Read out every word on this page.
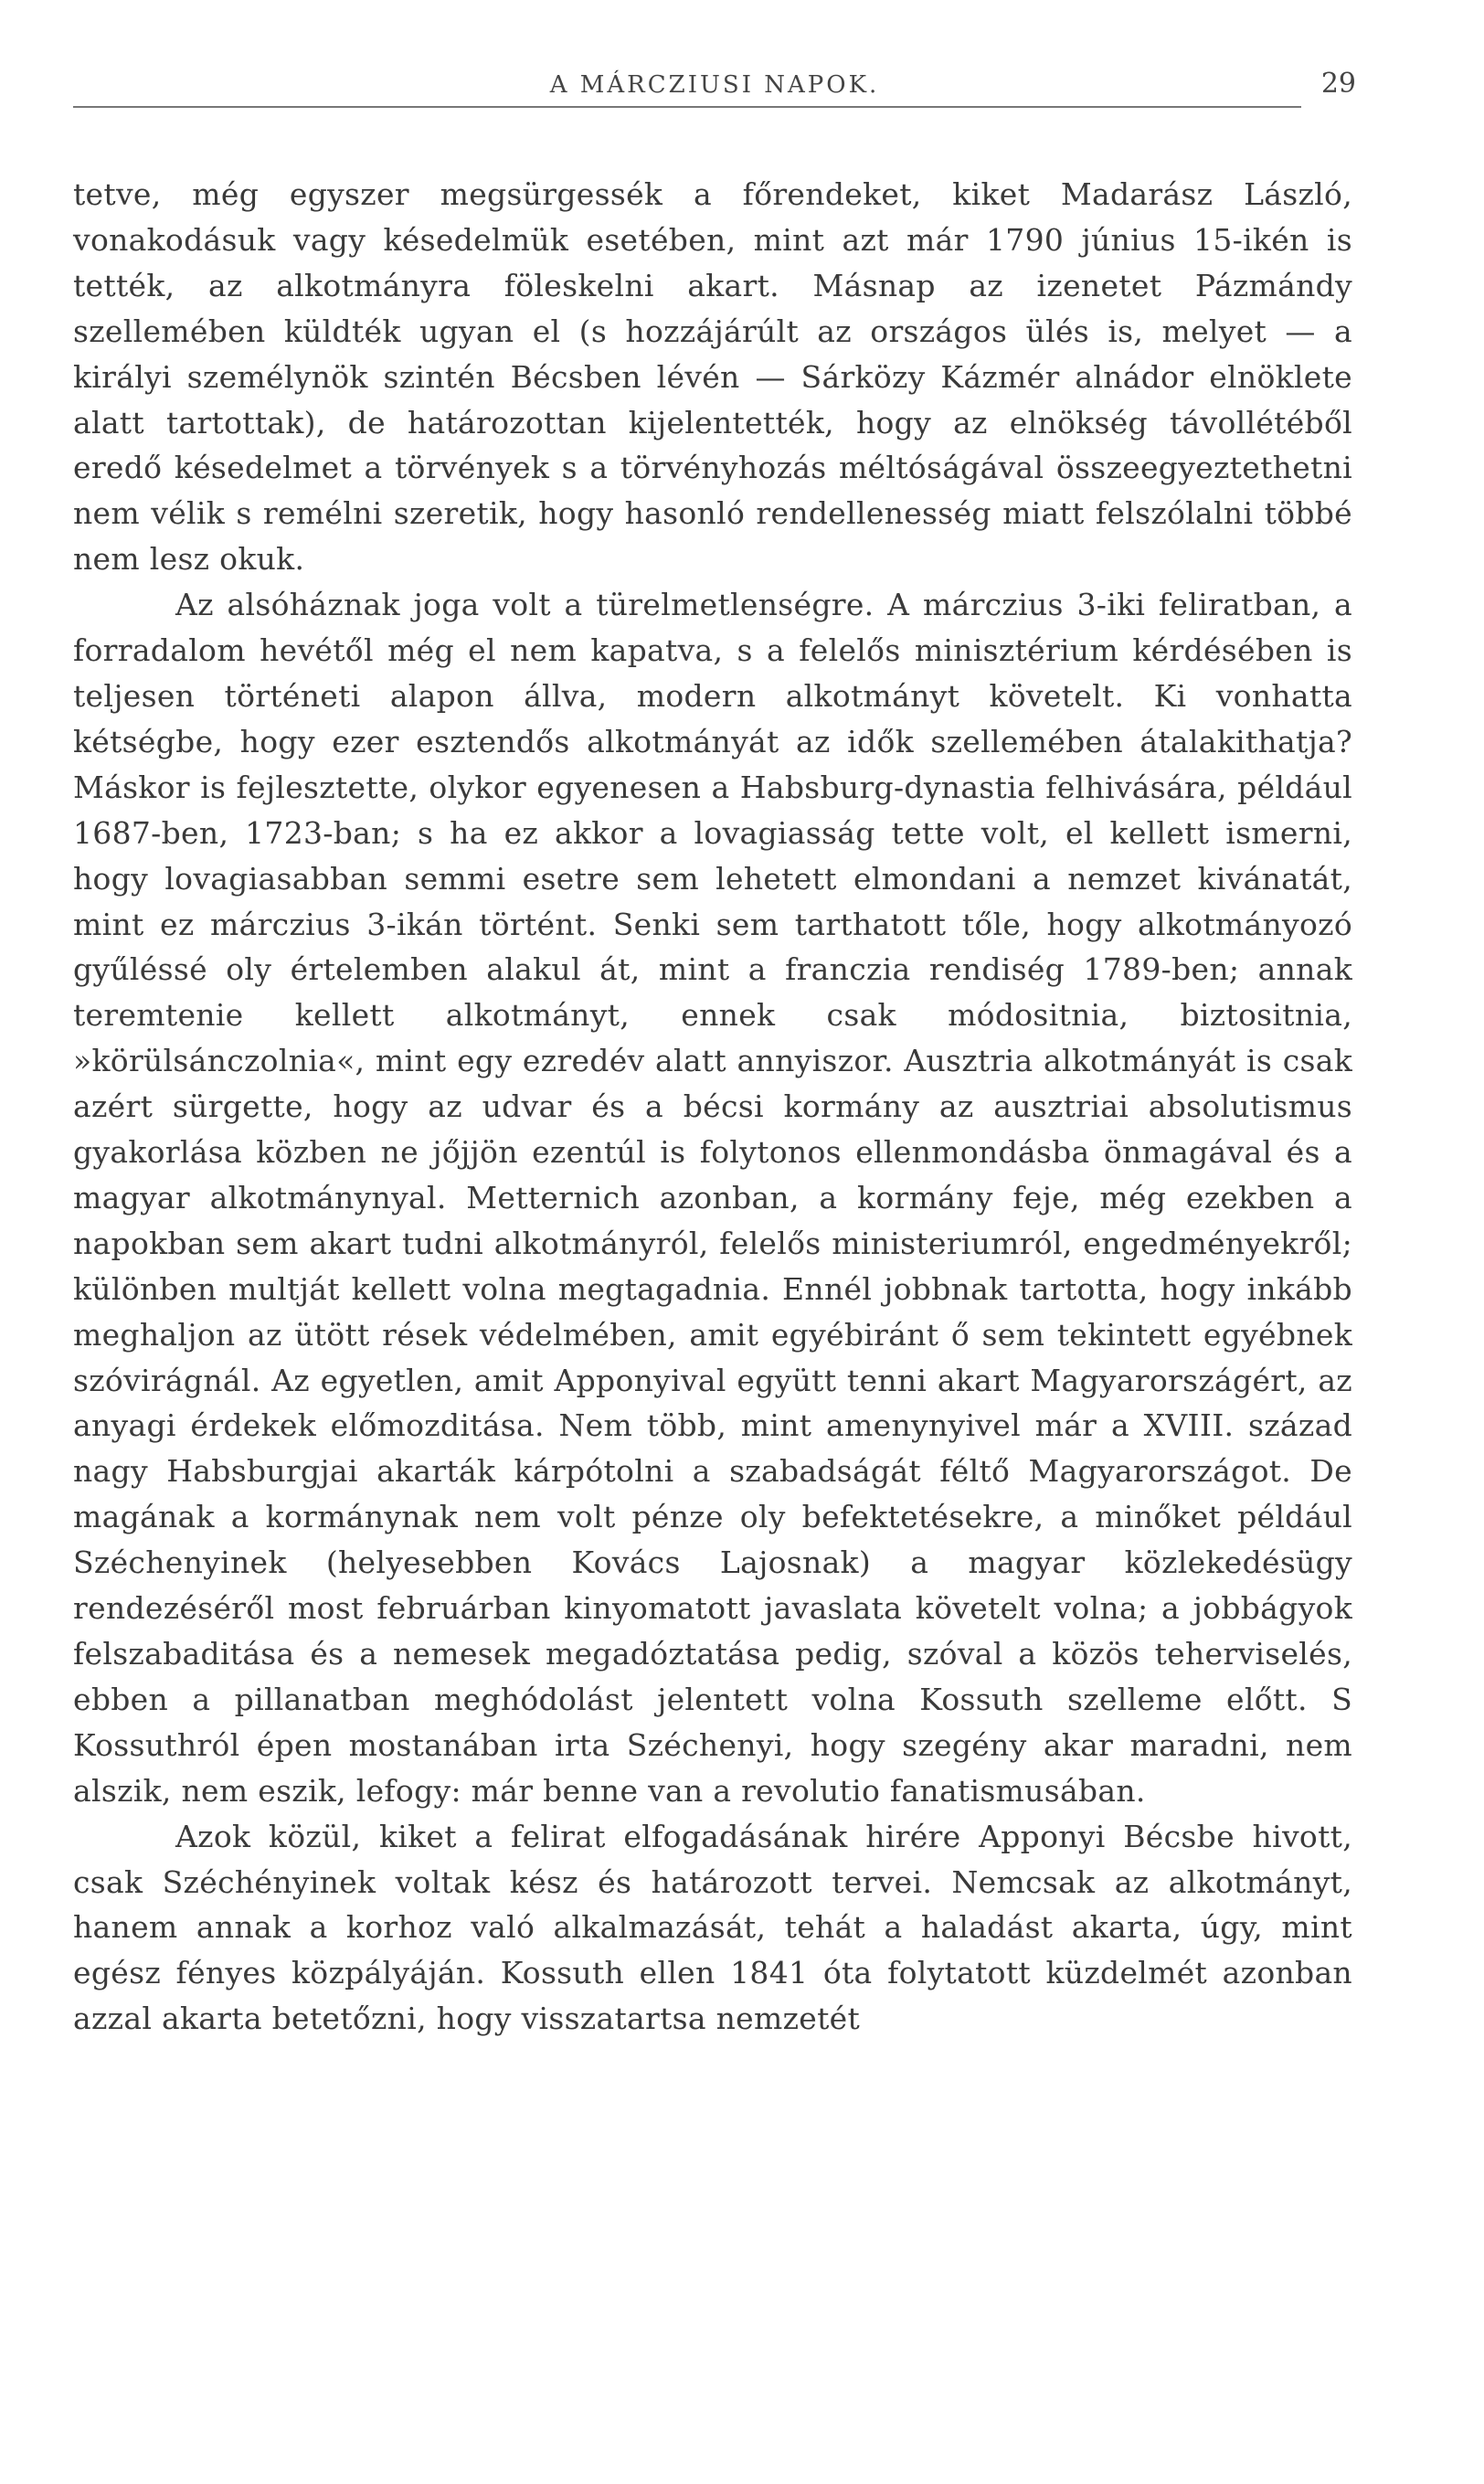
A MÁRCZIUSI NAPOK.	29

tetve, még egyszer megsürgessék a főrendeket, kiket Madarász László, vonakodásuk vagy késedelmük esetében, mint azt már 1790 június 15-ikén is tették, az alkotmányra föleskelni akart. Másnap az izenetet Pázmándy szellemében küldték ugyan el (s hozzájárúlt az országos ülés is, melyet — a királyi személynök szintén Bécsben lévén — Sárközy Kázmér alnádor elnöklete alatt tartottak), de határozottan kijelentették, hogy az elnökség távollétéből eredő késedelmet a törvények s a törvényhozás méltóságával összeegyeztethetni nem vélik s remélni szeretik, hogy hasonló rendellenesség miatt felszólalni többé nem lesz okuk.

Az alsóháznak joga volt a türelmetlenségre. A márczius 3-iki feliratban, a forradalom hevétől még el nem kapatva, s a felelős minisztérium kérdésében is teljesen történeti alapon állva, modern alkotmányt követelt. Ki vonhatta kétségbe, hogy ezer esztendős alkotmányát az idők szellemében átalakithatja? Máskor is fejlesztette, olykor egyenesen a Habsburg-dynastia felhivására, például 1687-ben, 1723-ban; s ha ez akkor a lovagiasság tette volt, el kellett ismerni, hogy lovagiasabban semmi esetre sem lehetett elmondani a nemzet kivánatát, mint ez márczius 3-ikán történt. Senki sem tarthatott tőle, hogy alkotmányozó gyűléssé oly értelemben alakul át, mint a franczia rendiség 1789-ben; annak teremtenie kellett alkotmányt, ennek csak módositnia, biztositnia, »körülsánczolnia«, mint egy ezredév alatt annyiszor. Ausztria alkotmányát is csak azért sürgette, hogy az udvar és a bécsi kormány az ausztriai absolutismus gyakorlása közben ne jőjjön ezentúl is folytonos ellenmondásba önmagával és a magyar alkotmánynyal. Metternich azonban, a kormány feje, még ezekben a napokban sem akart tudni alkotmányról, felelős ministeriumról, engedményekről; különben multját kellett volna megtagadnia. Ennél jobbnak tartotta, hogy inkább meghaljon az ütött rések védelmében, amit egyébiránt ő sem tekintett egyébnek szóvirágnál. Az egyetlen, amit Apponyival együtt tenni akart Magyarországért, az anyagi érdekek előmozditása. Nem több, mint amenynyivel már a XVIII. század nagy Habsburgjai akarták kárpótolni a szabadságát féltő Magyarországot. De magának a kormánynak nem volt pénze oly befektetésekre, a minőket például Széchenyinek (helyesebben Kovács Lajosnak) a magyar közlekedésügy rendezéséről most februárban kinyomatott javaslata követelt volna; a jobbágyok felszabaditása és a nemesek megadóztatása pedig, szóval a közös teherviselés, ebben a pillanatban meghódolást jelentett volna Kossuth szelleme előtt. S Kossuthról épen mostanában irta Széchenyi, hogy szegény akar maradni, nem alszik, nem eszik, lefogy: már benne van a revolutio fanatismusában.

Azok közül, kiket a felirat elfogadásának hirére Apponyi Bécsbe hivott, csak Széchényinek voltak kész és határozott tervei. Nemcsak az alkotmányt, hanem annak a korhoz való alkalmazását, tehát a haladást akarta, úgy, mint egész fényes közpályáján. Kossuth ellen 1841 óta folytatott küzdelmét azonban azzal akarta betetőzni, hogy visszatartsa nemzetét
